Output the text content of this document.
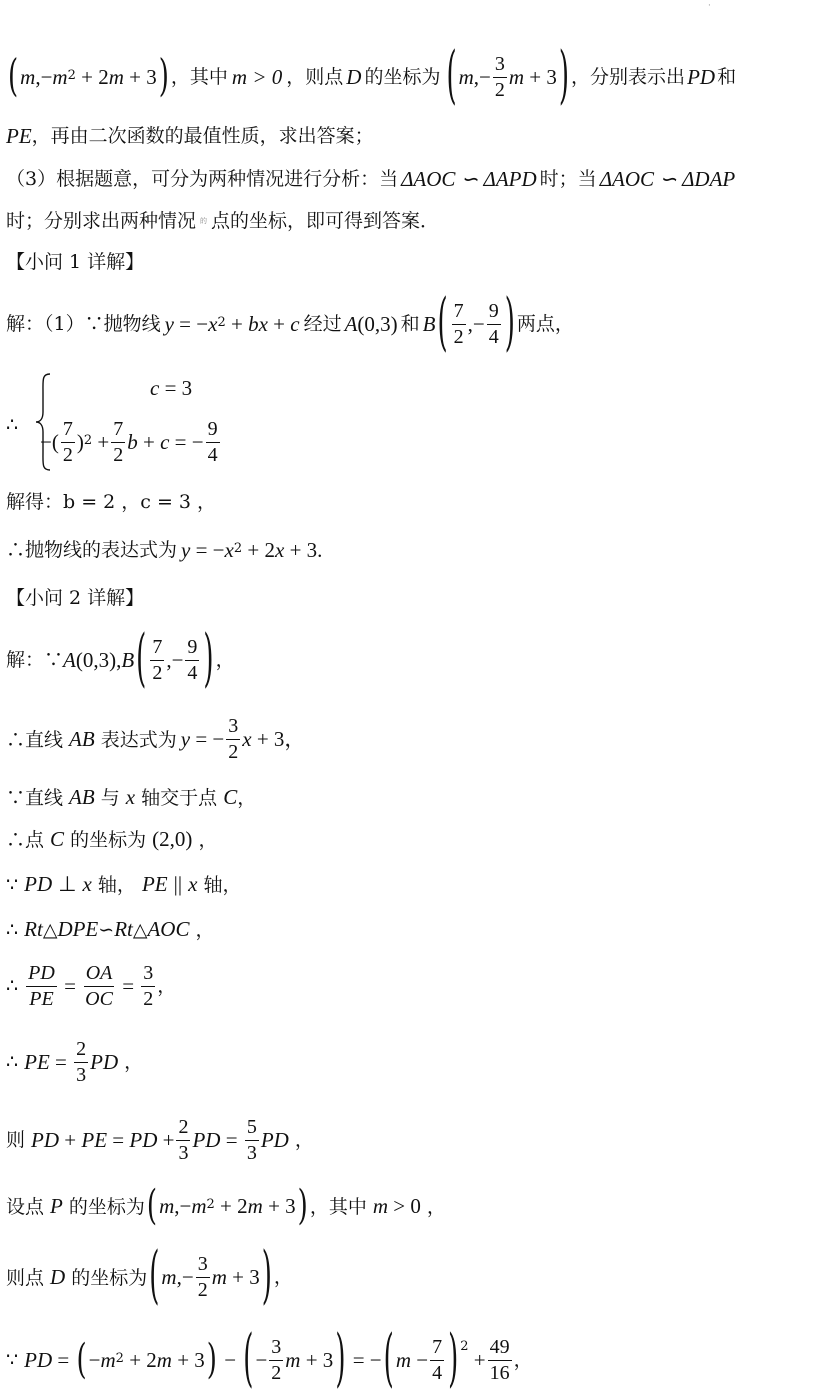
·
( m ,− m 2 + 2 m + 3 ) ，其中 m > 0 ，则点 D 的坐标为 ( m ,− $\frac{3}{2}$ m + 3 ) ，分别表示出 PD 和
PE ，再由二次函数的最值性质，求出答案；
（3）根据题意，可分为两种情况进行分析：当 ΔAOC ∽ ΔAPD 时；当 ΔAOC ∽ ΔDAP
时；分别求出两种情况 的 点的坐标，即可得到答案．
【小问 1 详解】
解：（1）∵抛物线 y = − x 2 + bx + c 经过 A (0,3) 和 B ( $\frac{7}{2}$ ,− $\frac{9}{4}$ ) 两点，
∴
c = 3
−( $\frac{7}{2}$ ) $2 + \frac{7}{2}$ b + c = − $\frac{9}{4}$
解得：b = 2 ，c = 3 ，
∴抛物线的表达式为 y = − x 2 + 2 x + 3.
【小问 2 详解】
解：∵ A (0,3), B ( $\frac{7}{2}$ ,− $\frac{9}{4}$ ) ，
∴直线 AB 表达式为 y = − $\frac{3}{2}$ x + 3，
∵直线 AB 与 x 轴交于点 C，
∴点 C 的坐标为 (2,0) ，
∵ PD ⊥ x 轴， PE || x 轴，
∴ Rt△DPE∽Rt△AOC ，
∴ $\frac{PD}{PE} = \frac{OA}{OC} = \frac{3}{2}$ ，
∴ PE = $\frac{2}{3}$ PD ，
则 PD + PE = PD + $\frac{2}{3}$ PD = $\frac{5}{3}$ PD ，
设点 P 的坐标为 ( m ,− m 2 + 2 m + 3 ) ，其中 m > 0 ，
则点 D 的坐标为 ( m ,− $\frac{3}{2}$ m + 3 ) ，
∵ PD = ( − m 2 + 2 m + 3 ) − ( − $\frac{3}{2}$ m + 3 ) = − ( $m - \frac{7}{4}$ ) 2
+ $\frac{49}{16}$ ，
